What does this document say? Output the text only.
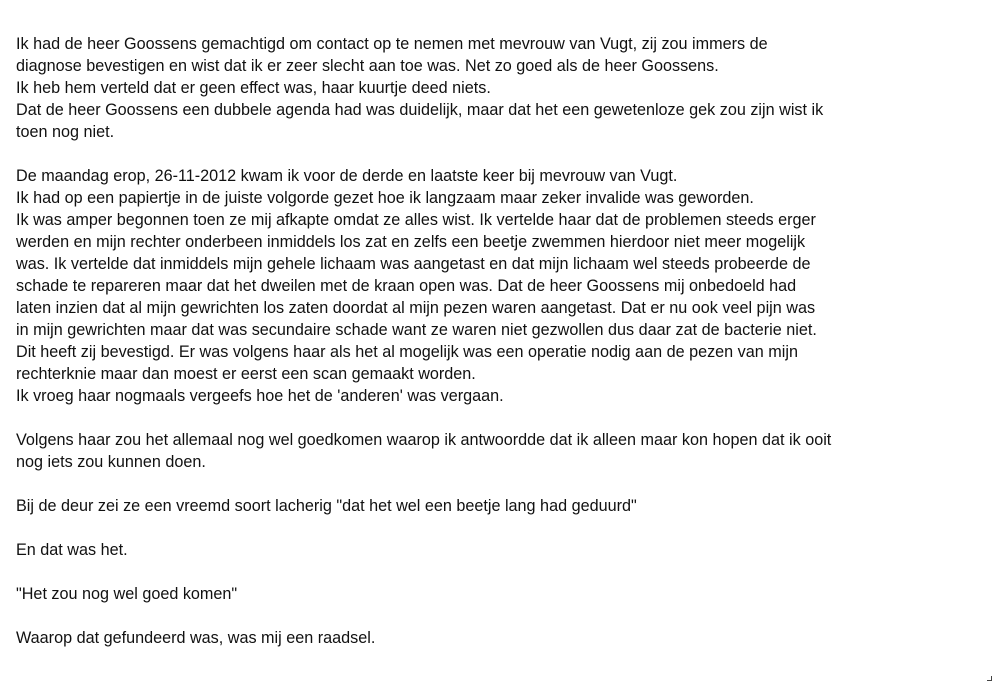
Ik had de heer Goossens gemachtigd om contact op te nemen met mevrouw van Vugt, zij zou immers de
diagnose bevestigen en wist dat ik er zeer slecht aan toe was. Net zo goed als de heer Goossens.
Ik heb hem verteld dat er geen effect was, haar kuurtje deed niets.
Dat de heer Goossens een dubbele agenda had was duidelijk, maar dat het een gewetenloze gek zou zijn wist ik
toen nog niet.

De maandag erop, 26-11-2012 kwam ik voor de derde en laatste keer bij mevrouw van Vugt.
Ik had op een papiertje in de juiste volgorde gezet hoe ik langzaam maar zeker invalide was geworden.
Ik was amper begonnen toen ze mij afkapte omdat ze alles wist. Ik vertelde haar dat de problemen steeds erger
werden en mijn rechter onderbeen inmiddels los zat en zelfs een beetje zwemmen hierdoor niet meer mogelijk
was. Ik vertelde dat inmiddels mijn gehele lichaam was aangetast en dat mijn lichaam wel steeds probeerde de
schade te repareren maar dat het dweilen met de kraan open was. Dat de heer Goossens mij onbedoeld had
laten inzien dat al mijn gewrichten los zaten doordat al mijn pezen waren aangetast. Dat er nu ook veel pijn was
in mijn gewrichten maar dat was secundaire schade want ze waren niet gezwollen dus daar zat de bacterie niet.
Dit heeft zij bevestigd. Er was volgens haar als het al mogelijk was een operatie nodig aan de pezen van mijn
rechterknie maar dan moest er eerst een scan gemaakt worden.
Ik vroeg haar nogmaals vergeefs hoe het de 'anderen' was vergaan.

Volgens haar zou het allemaal nog wel goedkomen waarop ik antwoordde dat ik alleen maar kon hopen dat ik ooit
nog iets zou kunnen doen.

Bij de deur zei ze een vreemd soort lacherig "dat het wel een beetje lang had geduurd"

En dat was het.

"Het zou nog wel goed komen"

Waarop dat gefundeerd was, was mij een raadsel.
